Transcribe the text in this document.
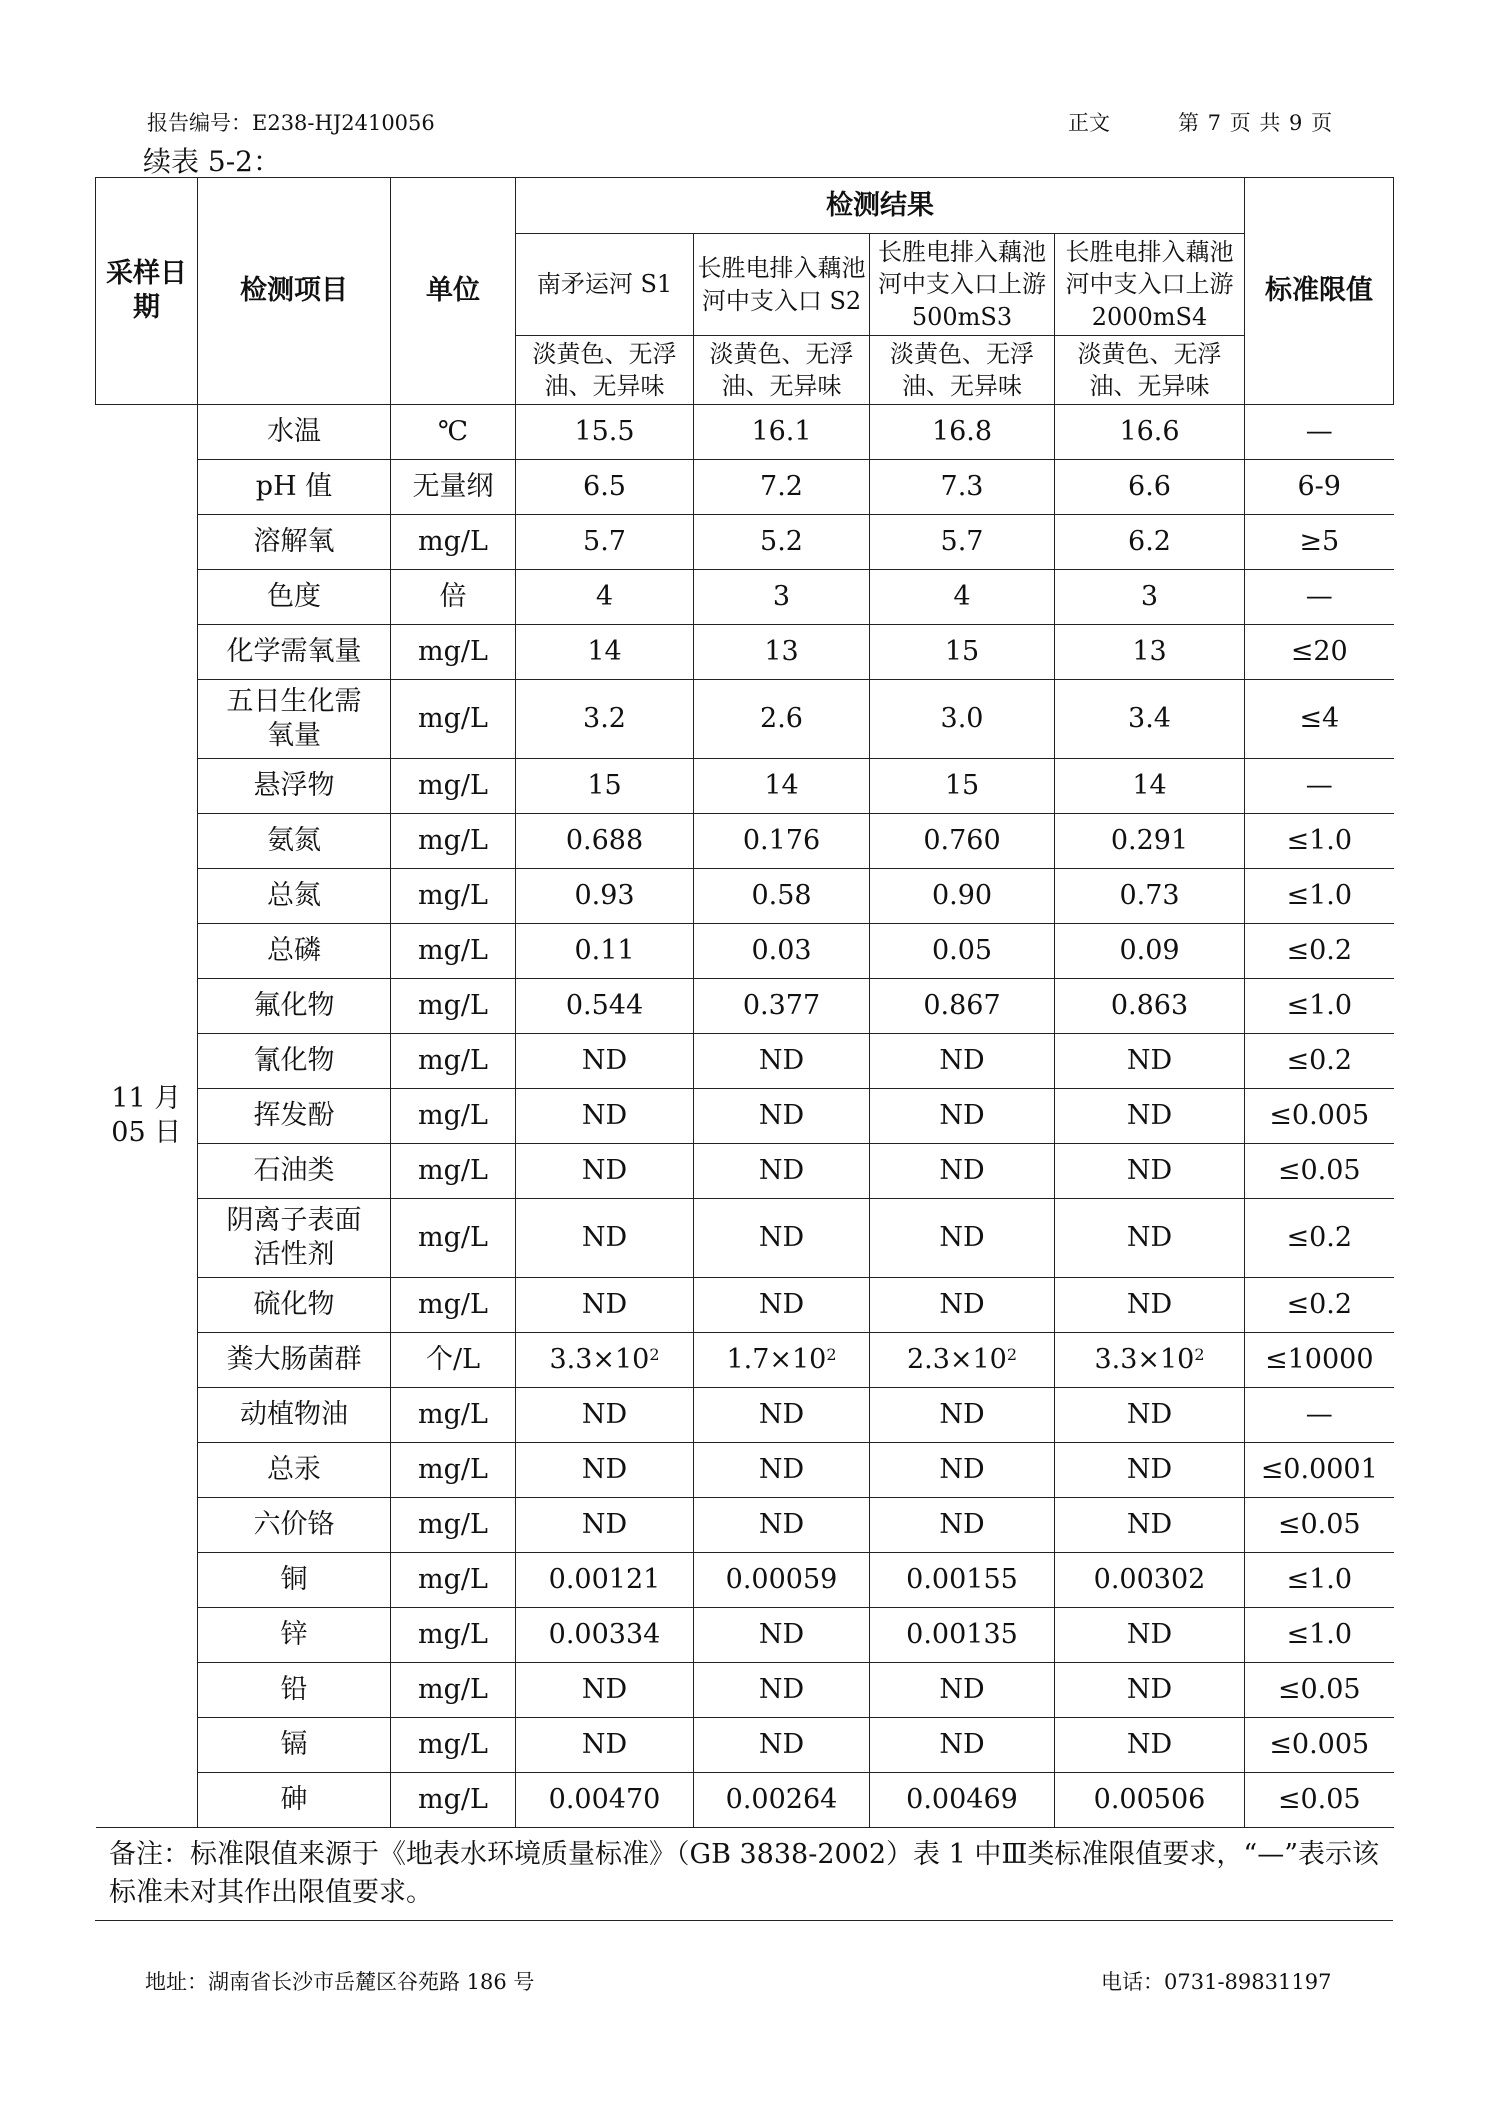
报告编号：E238-HJ2410056	正文	第 7 页 共 9 页
续表 5-2：
采样日期	检测项目	单位	检测结果				标准限值
			南矛运河 S1	长胜电排入藕池河中支入口 S2	长胜电排入藕池河中支入口上游 500mS3	长胜电排入藕池河中支入口上游 2000mS4	
			淡黄色、无浮油、无异味	淡黄色、无浮油、无异味	淡黄色、无浮油、无异味	淡黄色、无浮油、无异味	
11 月 05 日	水温	℃	15.5	16.1	16.8	16.6	—
	pH 值	无量纲	6.5	7.2	7.3	6.6	6-9
	溶解氧	mg/L	5.7	5.2	5.7	6.2	≥5
	色度	倍	4	3	4	3	—
	化学需氧量	mg/L	14	13	15	13	≤20
	五日生化需氧量	mg/L	3.2	2.6	3.0	3.4	≤4
	悬浮物	mg/L	15	14	15	14	—
	氨氮	mg/L	0.688	0.176	0.760	0.291	≤1.0
	总氮	mg/L	0.93	0.58	0.90	0.73	≤1.0
	总磷	mg/L	0.11	0.03	0.05	0.09	≤0.2
	氟化物	mg/L	0.544	0.377	0.867	0.863	≤1.0
	氰化物	mg/L	ND	ND	ND	ND	≤0.2
	挥发酚	mg/L	ND	ND	ND	ND	≤0.005
	石油类	mg/L	ND	ND	ND	ND	≤0.05
	阴离子表面活性剂	mg/L	ND	ND	ND	ND	≤0.2
	硫化物	mg/L	ND	ND	ND	ND	≤0.2
	粪大肠菌群	个/L	$3.3\times 10^2$	$1.7\times 10^2$	$2.3\times 10^2$	$3.3\times 10^2$	≤10000
	动植物油	mg/L	ND	ND	ND	ND	—
	总汞	mg/L	ND	ND	ND	ND	≤0.0001
	六价铬	mg/L	ND	ND	ND	ND	≤0.05
	铜	mg/L	0.00121	0.00059	0.00155	0.00302	≤1.0
	锌	mg/L	0.00334	ND	0.00135	ND	≤1.0
	铅	mg/L	ND	ND	ND	ND	≤0.05
	镉	mg/L	ND	ND	ND	ND	≤0.005
	砷	mg/L	0.00470	0.00264	0.00469	0.00506	≤0.05
备注：标准限值来源于《地表水环境质量标准》（GB 3838-2002）表 1 中Ⅲ类标准限值要求，“—”表示该标准未对其作出限值要求。
地址：湖南省长沙市岳麓区谷苑路 186 号	电话：0731-89831197
